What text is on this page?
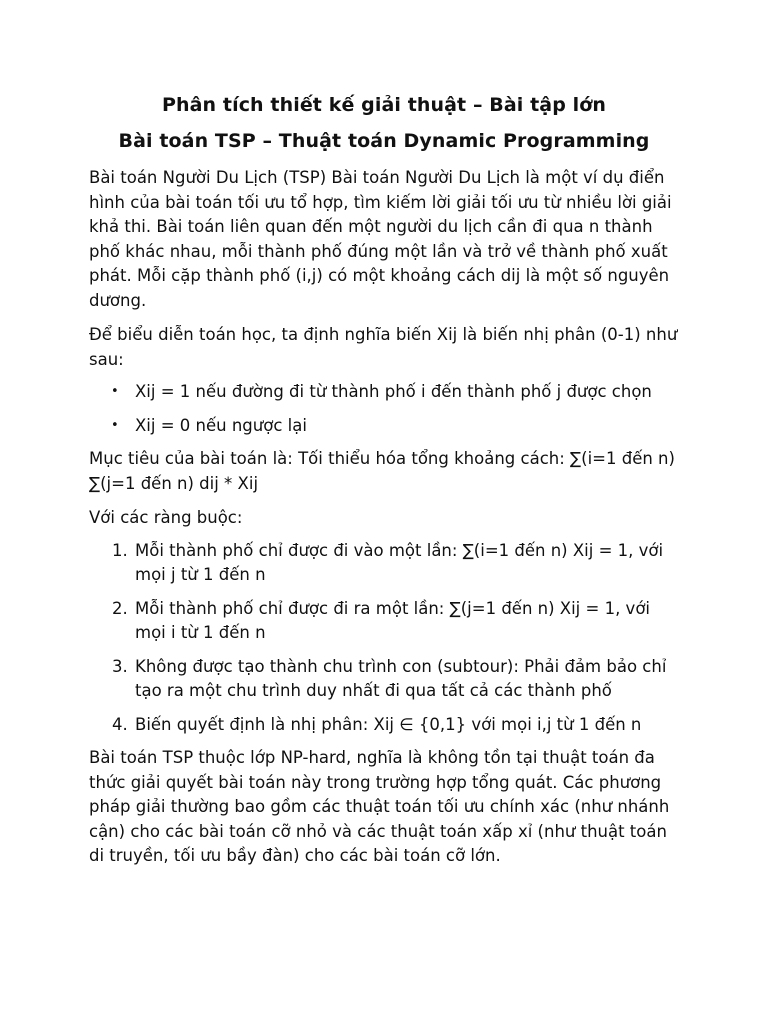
Phân tích thiết kế giải thuật – Bài tập lớn
Bài toán TSP – Thuật toán Dynamic Programming

Bài toán Người Du Lịch (TSP) Bài toán Người Du Lịch là một ví dụ điển hình của bài toán tối ưu tổ hợp, tìm kiếm lời giải tối ưu từ nhiều lời giải khả thi. Bài toán liên quan đến một người du lịch cần đi qua n thành phố khác nhau, mỗi thành phố đúng một lần và trở về thành phố xuất phát. Mỗi cặp thành phố (i,j) có một khoảng cách dij là một số nguyên dương.

Để biểu diễn toán học, ta định nghĩa biến Xij là biến nhị phân (0-1) như sau:

• Xij = 1 nếu đường đi từ thành phố i đến thành phố j được chọn
• Xij = 0 nếu ngược lại

Mục tiêu của bài toán là: Tối thiểu hóa tổng khoảng cách: ∑(i=1 đến n) ∑(j=1 đến n) dij * Xij

Với các ràng buộc:

1. Mỗi thành phố chỉ được đi vào một lần: ∑(i=1 đến n) Xij = 1, với mọi j từ 1 đến n
2. Mỗi thành phố chỉ được đi ra một lần: ∑(j=1 đến n) Xij = 1, với mọi i từ 1 đến n
3. Không được tạo thành chu trình con (subtour): Phải đảm bảo chỉ tạo ra một chu trình duy nhất đi qua tất cả các thành phố
4. Biến quyết định là nhị phân: Xij ∈ {0,1} với mọi i,j từ 1 đến n

Bài toán TSP thuộc lớp NP-hard, nghĩa là không tồn tại thuật toán đa thức giải quyết bài toán này trong trường hợp tổng quát. Các phương pháp giải thường bao gồm các thuật toán tối ưu chính xác (như nhánh cận) cho các bài toán cỡ nhỏ và các thuật toán xấp xỉ (như thuật toán di truyền, tối ưu bầy đàn) cho các bài toán cỡ lớn.
